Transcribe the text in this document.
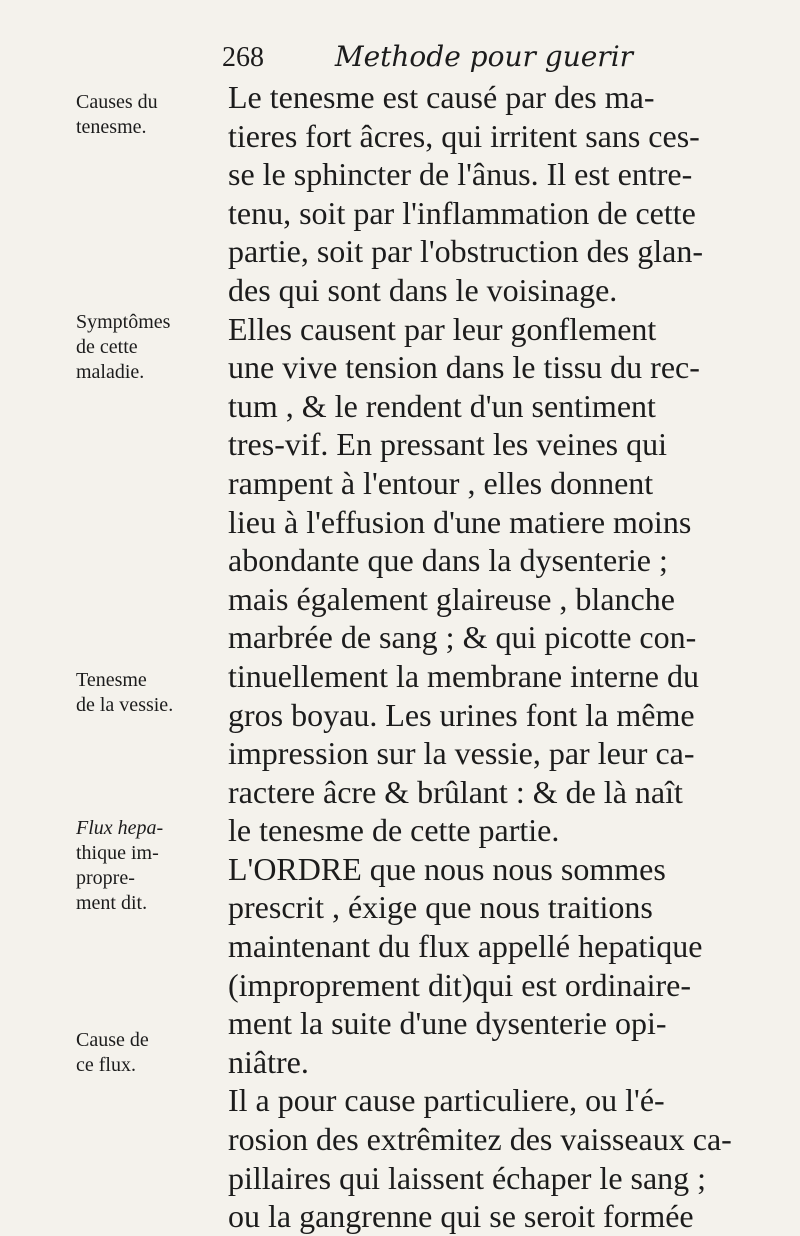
268	Methode pour guerir
Causes du
tenesme.
Symptômes
de cette
maladie.
Tenesme
de la vessie.
Flux hepa-
thique im-
propre-
ment dit.
Cause de
ce flux.
Le tenesme est causé par des ma-
tieres fort âcres, qui irritent sans ces-
se le sphincter de l'ânus. Il est entre-
tenu, soit par l'inflammation de cette
partie, soit par l'obstruction des glan-
des qui sont dans le voisinage.
Elles causent par leur gonflement
une vive tension dans le tissu du rec-
tum , & le rendent d'un sentiment
tres-vif. En pressant les veines qui
rampent à l'entour , elles donnent
lieu à l'effusion d'une matiere moins
abondante que dans la dysenterie ;
mais également glaireuse , blanche
marbrée de sang ; & qui picotte con-
tinuellement la membrane interne du
gros boyau. Les urines font la même
impression sur la vessie, par leur ca-
ractere âcre & brûlant : & de là naît
le tenesme de cette partie.
L'ORDRE que nous nous sommes
prescrit , éxige que nous traitions
maintenant du flux appellé hepatique
(improprement dit)qui est ordinaire-
ment la suite d'une dysenterie opi-
niâtre.
Il a pour cause particuliere, ou l'é-
rosion des extrêmitez des vaisseaux ca-
pillaires qui laissent échaper le sang ;
ou la gangrenne qui se seroit formée
